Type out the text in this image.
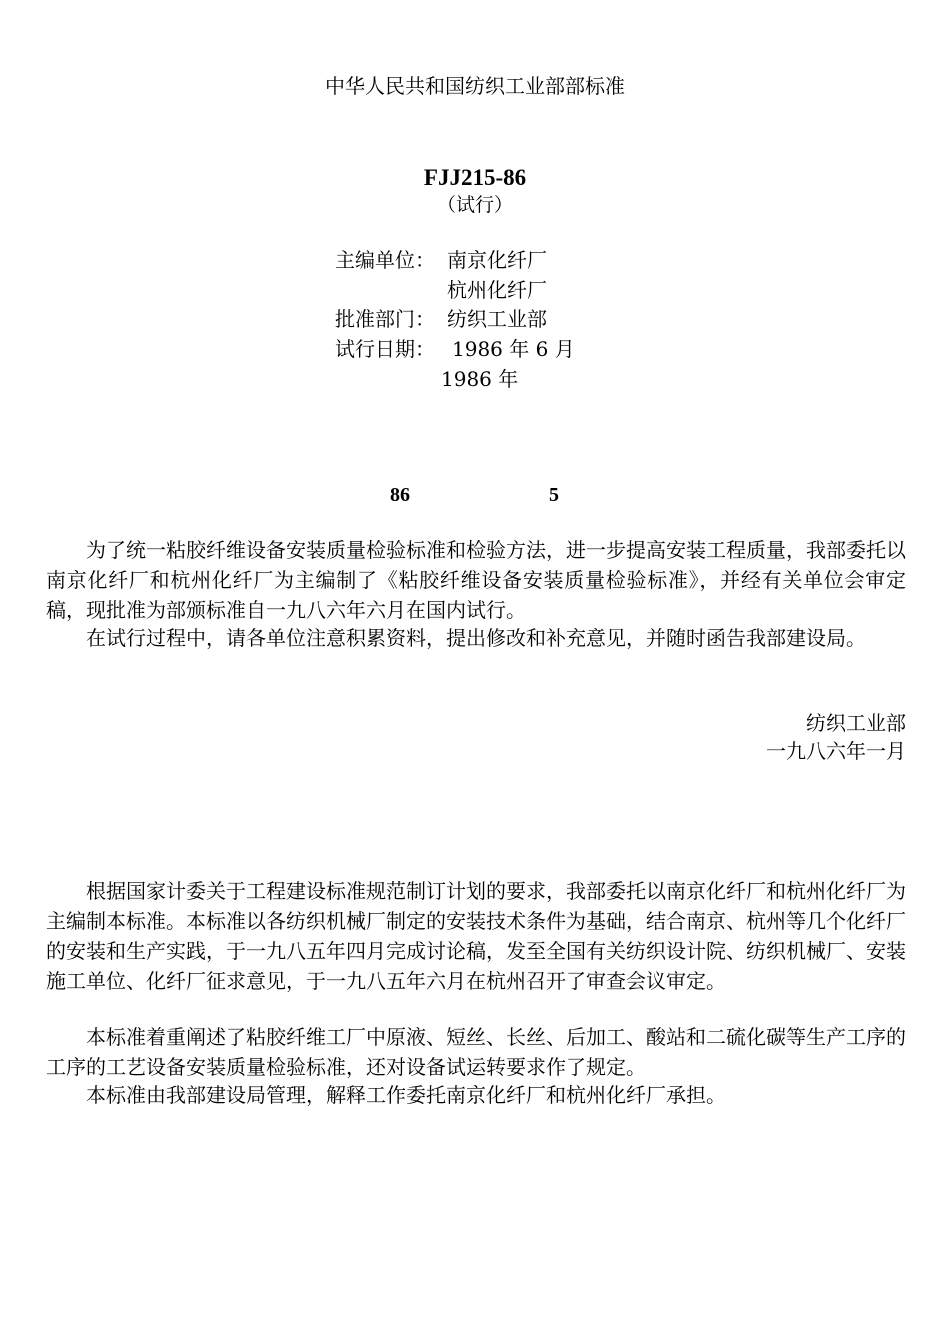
中华人民共和国纺织工业部部标准
FJJ215-86
（试行）
主编单位： 南京化纤厂
杭州化纤厂
批准部门： 纺织工业部
试行日期： 1986 年 6 月
1986 年
86	5
为了统一粘胶纤维设备安装质量检验标准和检验方法，进一步提高安装工程质量，我部委托以南京化纤厂和杭州化纤厂为主编制了《粘胶纤维设备安装质量检验标准》，并经有关单位会审定稿，现批准为部颁标准自一九八六年六月在国内试行。
在试行过程中，请各单位注意积累资料，提出修改和补充意见，并随时函告我部建设局。
纺织工业部
一九八六年一月
根据国家计委关于工程建设标准规范制订计划的要求，我部委托以南京化纤厂和杭州化纤厂为主编制本标准。本标准以各纺织机械厂制定的安装技术条件为基础，结合南京、杭州等几个化纤厂的安装和生产实践，于一九八五年四月完成讨论稿，发至全国有关纺织设计院、纺织机械厂、安装施工单位、化纤厂征求意见，于一九八五年六月在杭州召开了审查会议审定。
本标准着重阐述了粘胶纤维工厂中原液、短丝、长丝、后加工、酸站和二硫化碳等生产工序的工序的工艺设备安装质量检验标准，还对设备试运转要求作了规定。
本标准由我部建设局管理，解释工作委托南京化纤厂和杭州化纤厂承担。
